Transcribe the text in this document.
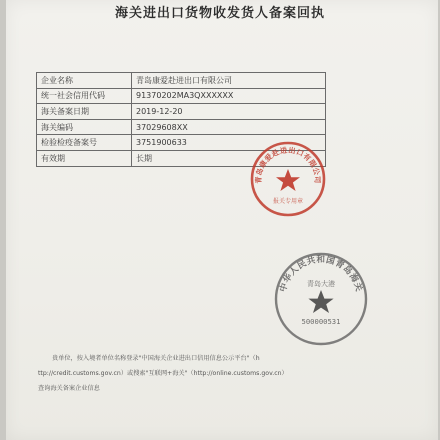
海关进出口货物收发货人备案回执
企业名称	青岛康爱赴进出口有限公司
统一社会信用代码	91370202MA3QXXXXXX
海关备案日期	2019-12-20
海关编码	37029608XX
检验检疫备案号	3751900633
有效期	长期
青岛康爱赴进出口有限公司
报关专用章
中华人民共和国青岛海关
青岛大港
500000531

贵单位，按入境者单位名称登录"中国海关企业进出口信用信息公示平台"（h

ttp://credit.customs.gov.cn）或搜索"互联网+海关"（http://online.customs.gov.cn）

查询海关备案企业信息
